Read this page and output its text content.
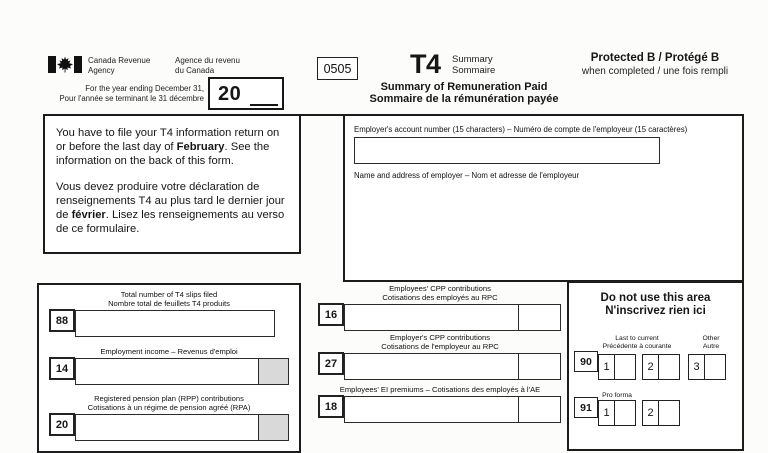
Canada Revenue
Agency
Agence du revenu
du Canada
For the year ending December 31,
Pour l'année se terminant le 31 décembre 20
0505 T4 Summary
Sommaire
Summary of Remuneration Paid
Sommaire de la rémunération payée
Protected B / Protégé B
when completed / une fois rempli

You have to file your T4 information return on or before the last day of February. See the information on the back of this form.

Vous devez produire votre déclaration de renseignements T4 au plus tard le dernier jour de février. Lisez les renseignements au verso de ce formulaire.

Employer's account number (15 characters) – Numéro de compte de l'employeur (15 caractères)
Name and address of employer – Nom et adresse de l'employeur
Total number of T4 slips filed
Nombre total de feuillets T4 produits
88
Employment income – Revenus d'emploi
14
Registered pension plan (RPP) contributions
Cotisations à un régime de pension agréé (RPA)
20
Employees' CPP contributions
Cotisations des employés au RPC
16
Employer's CPP contributions
Cotisations de l'employeur au RPC
27
Employees' EI premiums – Cotisations des employés à l'AE
18
Do not use this area
N'inscrivez rien ici
Last to current
Précédente à courante
Other
Autre
90	1	2	3
Pro forma
91	1	2
